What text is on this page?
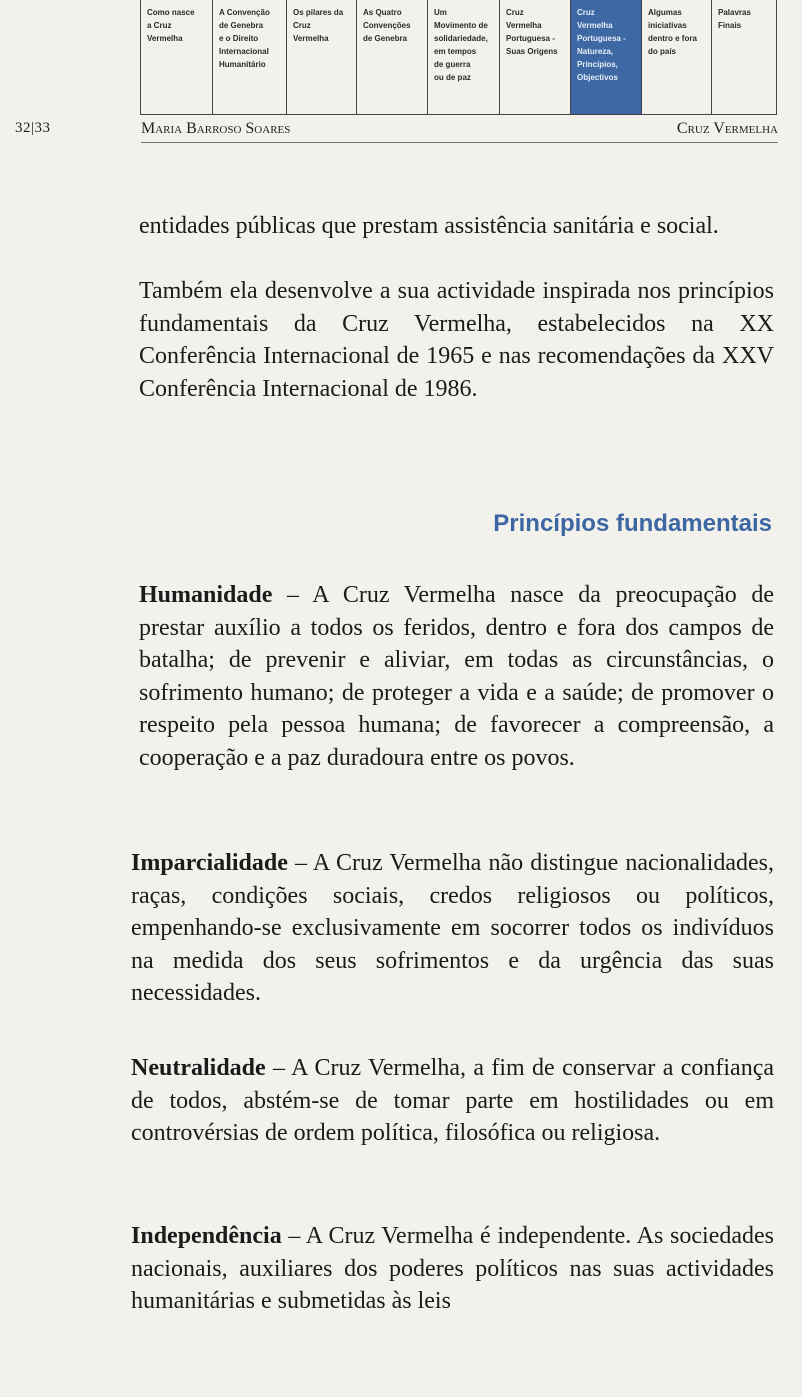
Como nasce
a Cruz
Vermelha
A Convenção
de Genebra
e o Direito
Internacional
Humanitário
Os pilares da
Cruz
Vermelha
As Quatro
Convenções
de Genebra
Um
Movimento de
solidariedade,
em tempos
de guerra
ou de paz
Cruz
Vermelha
Portuguesa -
Suas Origens
Cruz
Vermelha
Portuguesa -
Natureza,
Princípios,
Objectivos
Algumas
iniciativas
dentro e fora
do país
Palavras
Finais
32|33	Maria Barroso Soares	Cruz Vermelha

entidades públicas que prestam assistência sanitária e social.

Também ela desenvolve a sua actividade inspirada nos princípios fundamentais da Cruz Vermelha, estabelecidos na XX Conferência Internacional de 1965 e nas recomendações da XXV Conferência Internacional de 1986.

Princípios fundamentais

Humanidade – A Cruz Vermelha nasce da preocupação de prestar auxílio a todos os feridos, dentro e fora dos campos de batalha; de prevenir e aliviar, em todas as circunstâncias, o sofrimento humano; de proteger a vida e a saúde; de promover o respeito pela pessoa humana; de favorecer a compreensão, a cooperação e a paz duradoura entre os povos.

Imparcialidade – A Cruz Vermelha não distingue nacionalidades, raças, condições sociais, credos religiosos ou políticos, empenhando-se exclusivamente em socorrer todos os indivíduos na medida dos seus sofrimentos e da urgência das suas necessidades.

Neutralidade – A Cruz Vermelha, a fim de conservar a confiança de todos, abstém-se de tomar parte em hostilidades ou em controvérsias de ordem política, filosófica ou religiosa.

Independência – A Cruz Vermelha é independente. As sociedades nacionais, auxiliares dos poderes políticos nas suas actividades humanitárias e submetidas às leis
